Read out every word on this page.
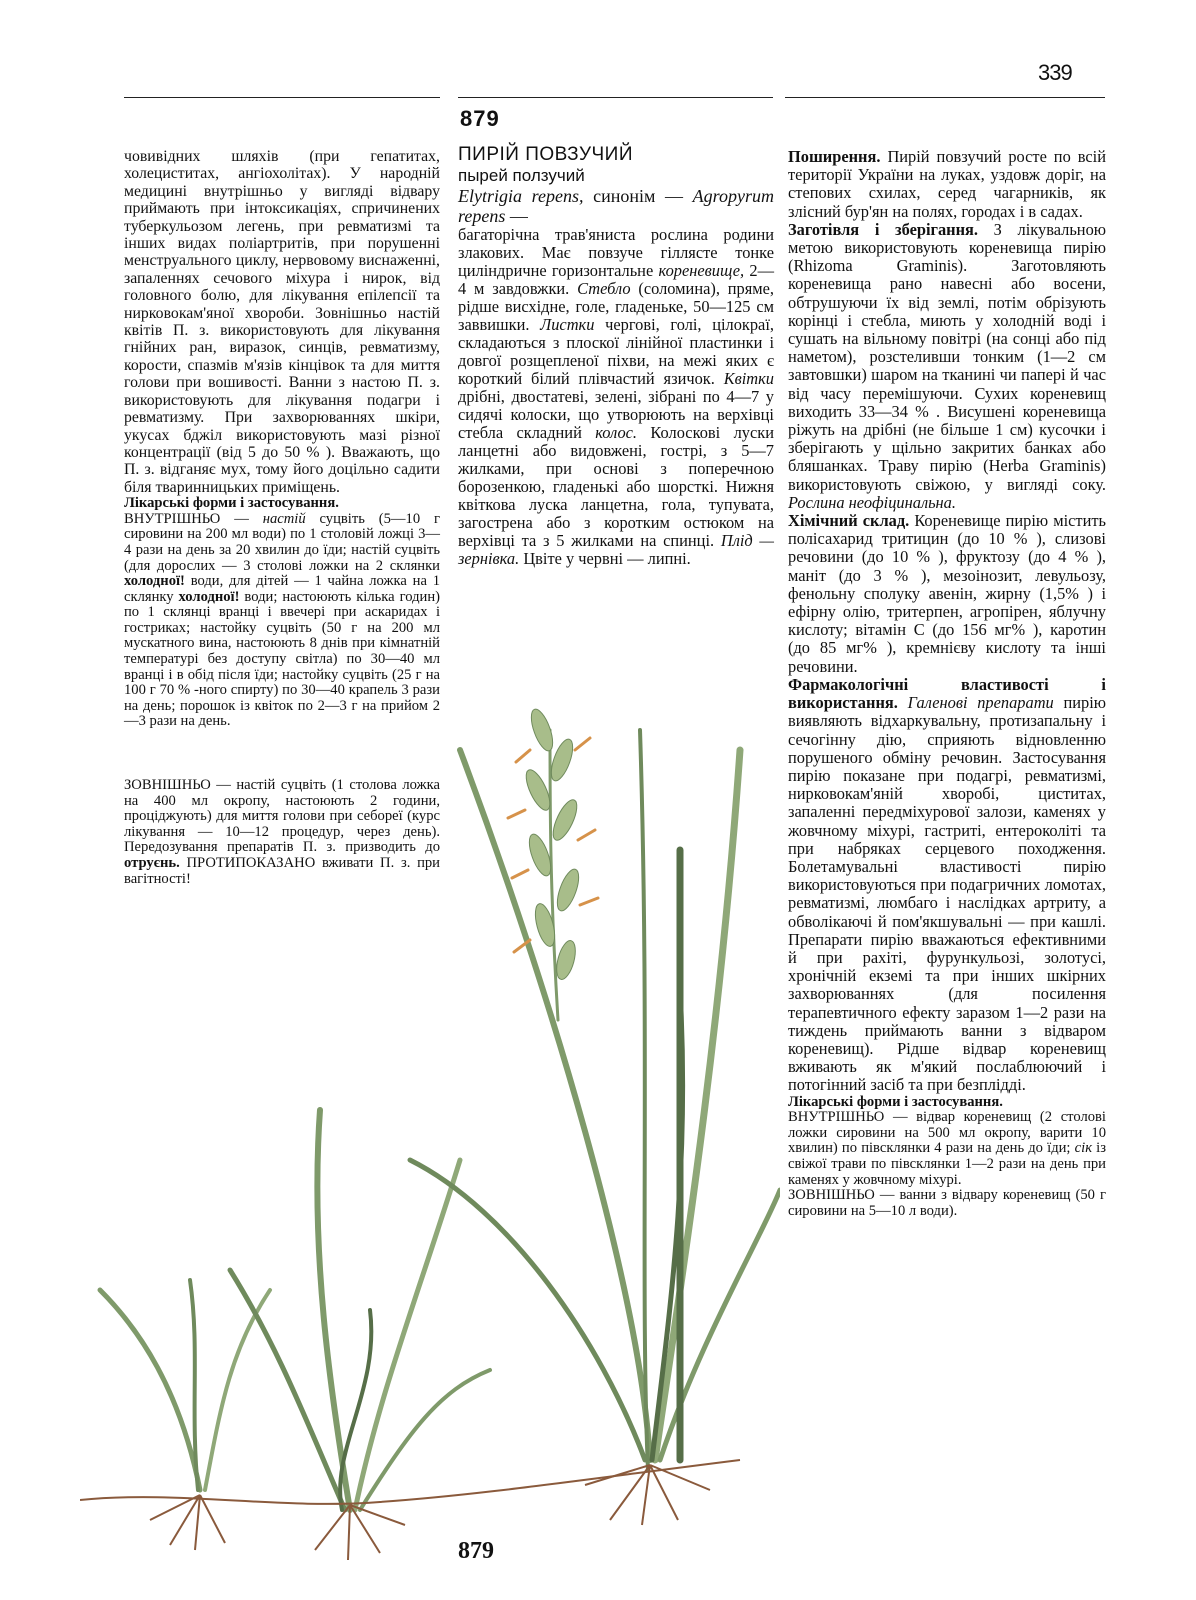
339
879

човивідних шляхів (при гепатитах, холециститах, ангіохолітах). У народній медицині внутрішньо у вигляді відвару приймають при інтоксикаціях, спричинених туберкульозом легень, при ревматизмі та інших видах поліартритів, при порушенні менструального циклу, нервовому виснаженні, запаленнях сечового міхура і нирок, від головного болю, для лікування епілепсії та нирковокам'яної хвороби. Зовнішньо настій квітів П. з. використовують для лікування гнійних ран, виразок, синців, ревматизму, корости, спазмів м'язів кінцівок та для миття голови при вошивості. Ванни з настою П. з. використовують для лікування подагри і ревматизму. При захворюваннях шкіри, укусах бджіл використовують мазі різної концентрації (від 5 до 50 % ). Вважають, що П. з. відганяє мух, тому його доцільно садити біля тваринницьких приміщень.

Лікарські форми і застосування.
ВНУТРІШНЬО — настій суцвіть (5—10 г сировини на 200 мл води) по 1 столовій ложці 3—4 рази на день за 20 хвилин до їди; настій суцвіть (для дорослих — 3 столові ложки на 2 склянки холодної! води, для дітей — 1 чайна ложка на 1 склянку холодної! води; настоюють кілька годин) по 1 склянці вранці і ввечері при аскаридах і гостриках; настойку суцвіть (50 г на 200 мл мускатного вина, настоюють 8 днів при кімнатній температурі без доступу світла) по 30—40 мл вранці і в обід після їди; настойку суцвіть (25 г на 100 г 70 % -ного спирту) по 30—40 крапель 3 рази на день; порошок із квіток по 2—3 г на прийом 2—3 рази на день.
ЗОВНІШНЬО — настій суцвіть (1 столова ложка на 400 мл окропу, настоюють 2 години, проціджують) для миття голови при себореї (курс лікування — 10—12 процедур, через день). Передозування препаратів П. з. призводить до отруєнь. ПРОТИПОКАЗАНО вживати П. з. при вагітності!
ПИРІЙ ПОВЗУЧИЙ
пырей ползучий
Elytrigia repens, синонім — Agropyrum repens —

багаторічна трав'яниста рослина родини злакових. Має повзуче гіллясте тонке циліндричне горизонтальне кореневище, 2—4 м завдовжки. Стебло (соломина), пряме, рідше висхідне, голе, гладеньке, 50—125 см заввишки. Листки чергові, голі, цілокраї, складаються з плоскої лінійної пластинки і довгої розщепленої піхви, на межі яких є короткий білий плівчастий язичок. Квітки дрібні, двостатеві, зелені, зібрані по 4—7 у сидячі колоски, що утворюють на верхівці стебла складний колос. Колоскові луски ланцетні або видовжені, гострі, з 5—7 жилками, при основі з поперечною борозенкою, гладенькі або шорсткі. Нижня квіткова луска ланцетна, гола, тупувата, загострена або з коротким остюком на верхівці та з 5 жилками на спинці. Плід — зернівка. Цвіте у червні — липні.

Поширення. Пирій повзучий росте по всій території України на луках, уздовж доріг, на степових схилах, серед чагарників, як злісний бур'ян на полях, городах і в садах.

Заготівля і зберігання. З лікувальною метою використовують кореневища пирію (Rhizoma Graminis). Заготовляють кореневища рано навесні або восени, обтрушуючи їх від землі, потім обрізують корінці і стебла, миють у холодній воді і сушать на вільному повітрі (на сонці або під наметом), розстеливши тонким (1—2 см завтовшки) шаром на тканині чи папері й час від часу перемішуючи. Сухих кореневищ виходить 33—34 % . Висушені кореневища ріжуть на дрібні (не більше 1 см) кусочки і зберігають у щільно закритих банках або бляшанках. Траву пирію (Herba Graminis) використовують свіжою, у вигляді соку. Рослина неофіцинальна.

Хімічний склад. Кореневище пирію містить полісахарид тритицин (до 10 % ), слизові речовини (до 10 % ), фруктозу (до 4 % ), маніт (до 3 % ), мезоінозит, левульозу, фенольну сполуку авенін, жирну (1,5% ) і ефірну олію, тритерпен, агропірен, яблучну кислоту; вітамін С (до 156 мг% ), каротин (до 85 мг% ), кремнієву кислоту та інші речовини.

Фармакологічні властивості і використання. Галенові препарати пирію виявляють відхаркувальну, протизапальну і сечогінну дію, сприяють відновленню порушеного обміну речовин. Застосування пирію показане при подагрі, ревматизмі, нирковокам'яній хворобі, циститах, запаленні передміхурової залози, каменях у жовчному міхурі, гастриті, ентероколіті та при набряках серцевого походження. Болетамувальні властивості пирію використовуються при подагричних ломотах, ревматизмі, люмбаго і наслідках артриту, а обволікаючі й пом'якшувальні — при кашлі. Препарати пирію вважаються ефективними й при рахіті, фурункульозі, золотусі, хронічній екземі та при інших шкірних захворюваннях (для посилення терапевтичного ефекту заразом 1—2 рази на тиждень приймають ванни з відваром кореневищ). Рідше відвар кореневищ вживають як м'який послаблюючий і потогінний засіб та при безплідді.

Лікарські форми і застосування.
ВНУТРІШНЬО — відвар кореневищ (2 столові ложки сировини на 500 мл окропу, варити 10 хвилин) по півсклянки 4 рази на день до їди; сік із свіжої трави по півсклянки 1—2 рази на день при каменях у жовчному міхурі.
ЗОВНІШНЬО — ванни з відвару кореневищ (50 г сировини на 5—10 л води).
879
